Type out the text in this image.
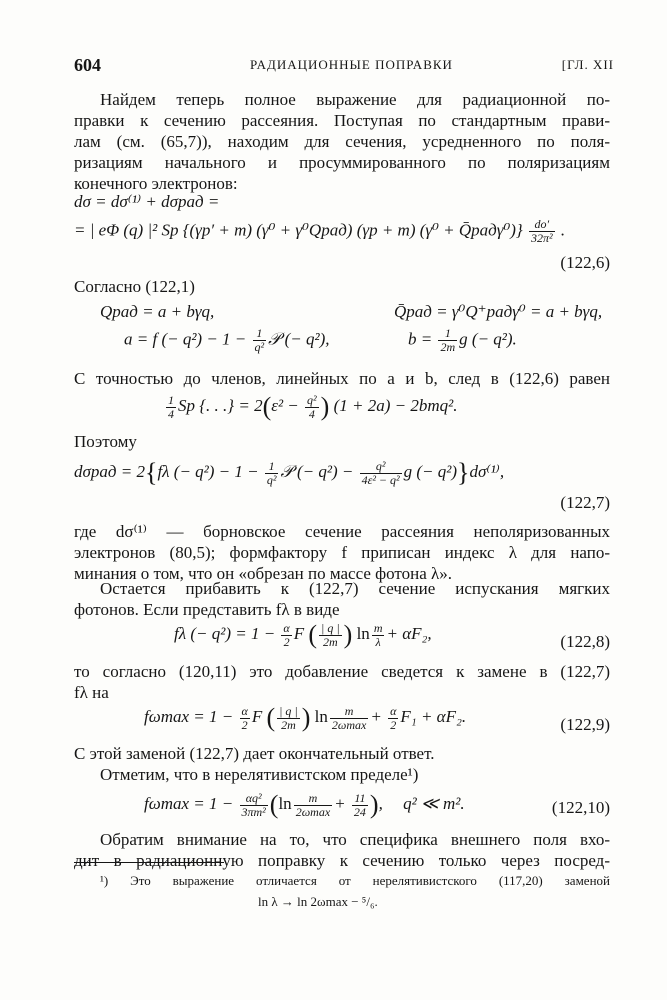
604	РАДИАЦИОННЫЕ ПОПРАВКИ	[ГЛ. XII
Найдем теперь полное выражение для радиационной по-
правки к сечению рассеяния. Поступая по стандартным прави-
лам (см. (65,7)), находим для сечения, усредненного по поля-
ризациям начального и просуммированного по поляризациям
конечного электронов:
dσ = dσ⁽¹⁾ + dσрад =
= | eΦ (q) |² Sp {(γp′ + m) (γ⁰ + γ⁰Qрад) (γp + m) (γ⁰ + Q̄радγ⁰)} $\frac{do'}{\text{32π²}}$ .
(122,6)
Согласно (122,1)
Qрад = a + bγq,	Q̄рад = γ⁰Q⁺радγ⁰ = a + bγq,
a = f (− $q^2) - 1 - \frac{1}{\text{q²}}$ 𝒫 (− q²),	$b = \frac{1}{2m}$ g (− q²).
С точностью до членов, линейных по a и b, след в (122,6) равен
$\frac{1}{4}$ Sp {. . .} = $2(\varepsilon^2 - \frac{\text{q²}}{4}$ ) (1 + 2a) − 2bmq².
Поэтому
dσрад = 2{fλ (− $q^2) - 1 - \frac{1}{\text{q²}}$ 𝒫 (− $q^2) - \frac{\text{q²}}{\text{4ε² − q²}}$ g (− q²)}dσ⁽¹⁾,
(122,7)
где dσ⁽¹⁾ — борновское сечение рассеяния неполяризованных
электронов (80,5); формфактору f приписан индекс λ для напо-
минания о том, что он «обрезан по массе фотона λ».
Остается прибавить к (122,7) сечение испускания мягких
фотонов. Если представить fλ в виде
fλ (− $q^2) = 1 - \frac{\alpha}{2}$ F ( $\frac{| q |}{2m}$ ) $\ln \frac{m}{\lambda} + \alpha F_2$,	(122,8)
то согласно (120,11) это добавление сведется к замене в (122,7)
fλ на
$f\omega\max = 1 - \frac{\alpha}{2}$ F ( $\frac{| q |}{2m}$ ) $\ln \frac{m}{2\omega\max} + \frac{\alpha}{2} F_1 + \alpha F_2$.	(122,9)
С этой заменой (122,7) дает окончательный ответ.
Отметим, что в нерелятивистском пределе¹)
$f\omega\max = 1 - \frac{\text{αq²}}{\text{3πm²}} (\ln \frac{m}{2\omega\max} + \frac{11}{24}$ ), q² ≪ m².	(122,10)
Обратим внимание на то, что специфика внешнего поля вхо-
дит в радиационную поправку к сечению только через посред-
¹) Это выражение отличается от нерелятивистского (117,20) заменой
ln λ → ln 2ωmax − ⁵/₆.
